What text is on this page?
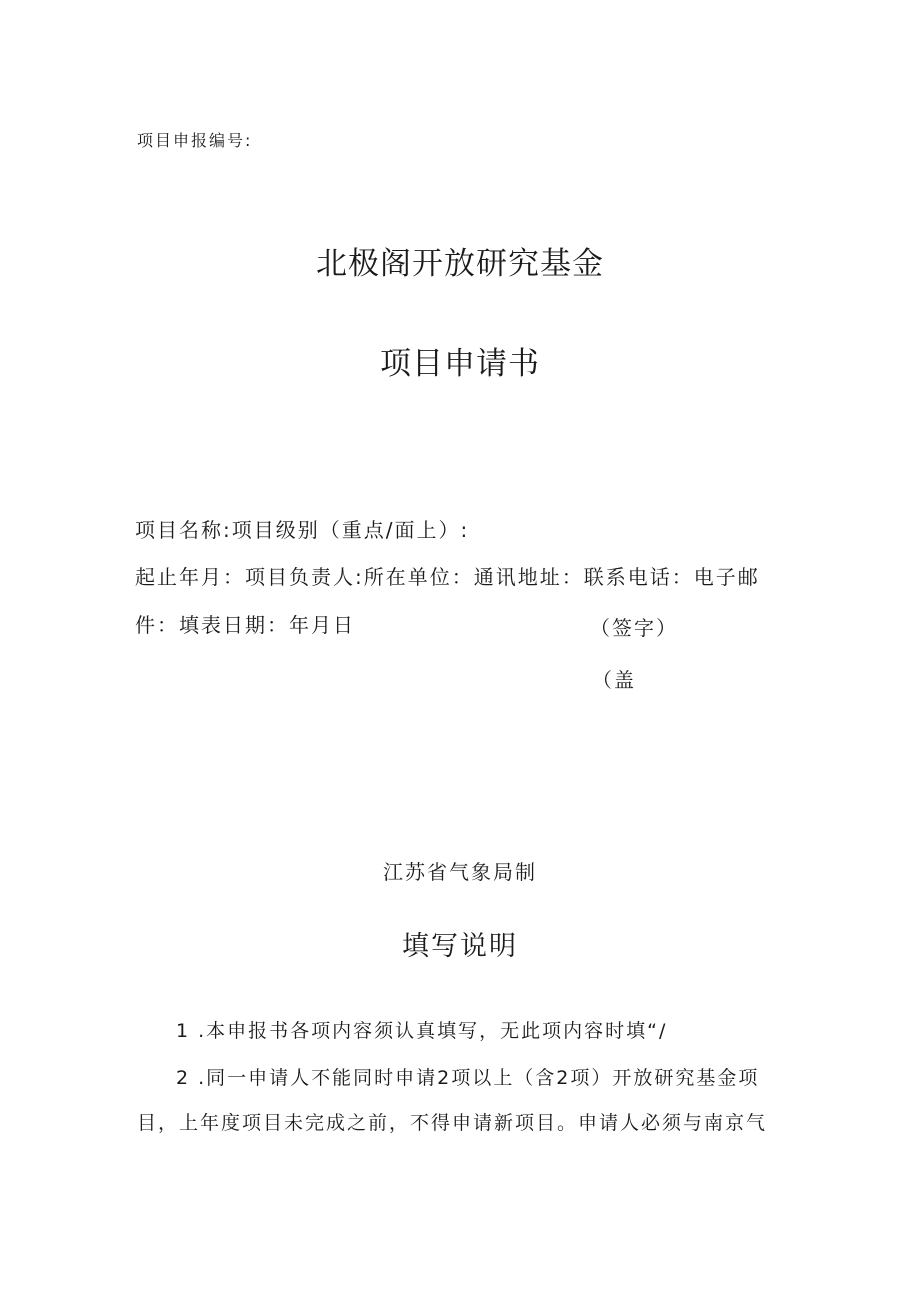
项目申报编号:
北极阁开放研究基金
项目申请书
项目名称:项目级别（重点/面上）:
起止年月：项目负责人:所在单位：通讯地址：联系电话：电子邮
件：填表日期：年月日	（签字）
（盖
江苏省气象局制
填写说明
1 .本申报书各项内容须认真填写，无此项内容时填“/
2 .同一申请人不能同时申请2项以上（含2项）开放研究基金项
目，上年度项目未完成之前，不得申请新项目。申请人必须与南京气
